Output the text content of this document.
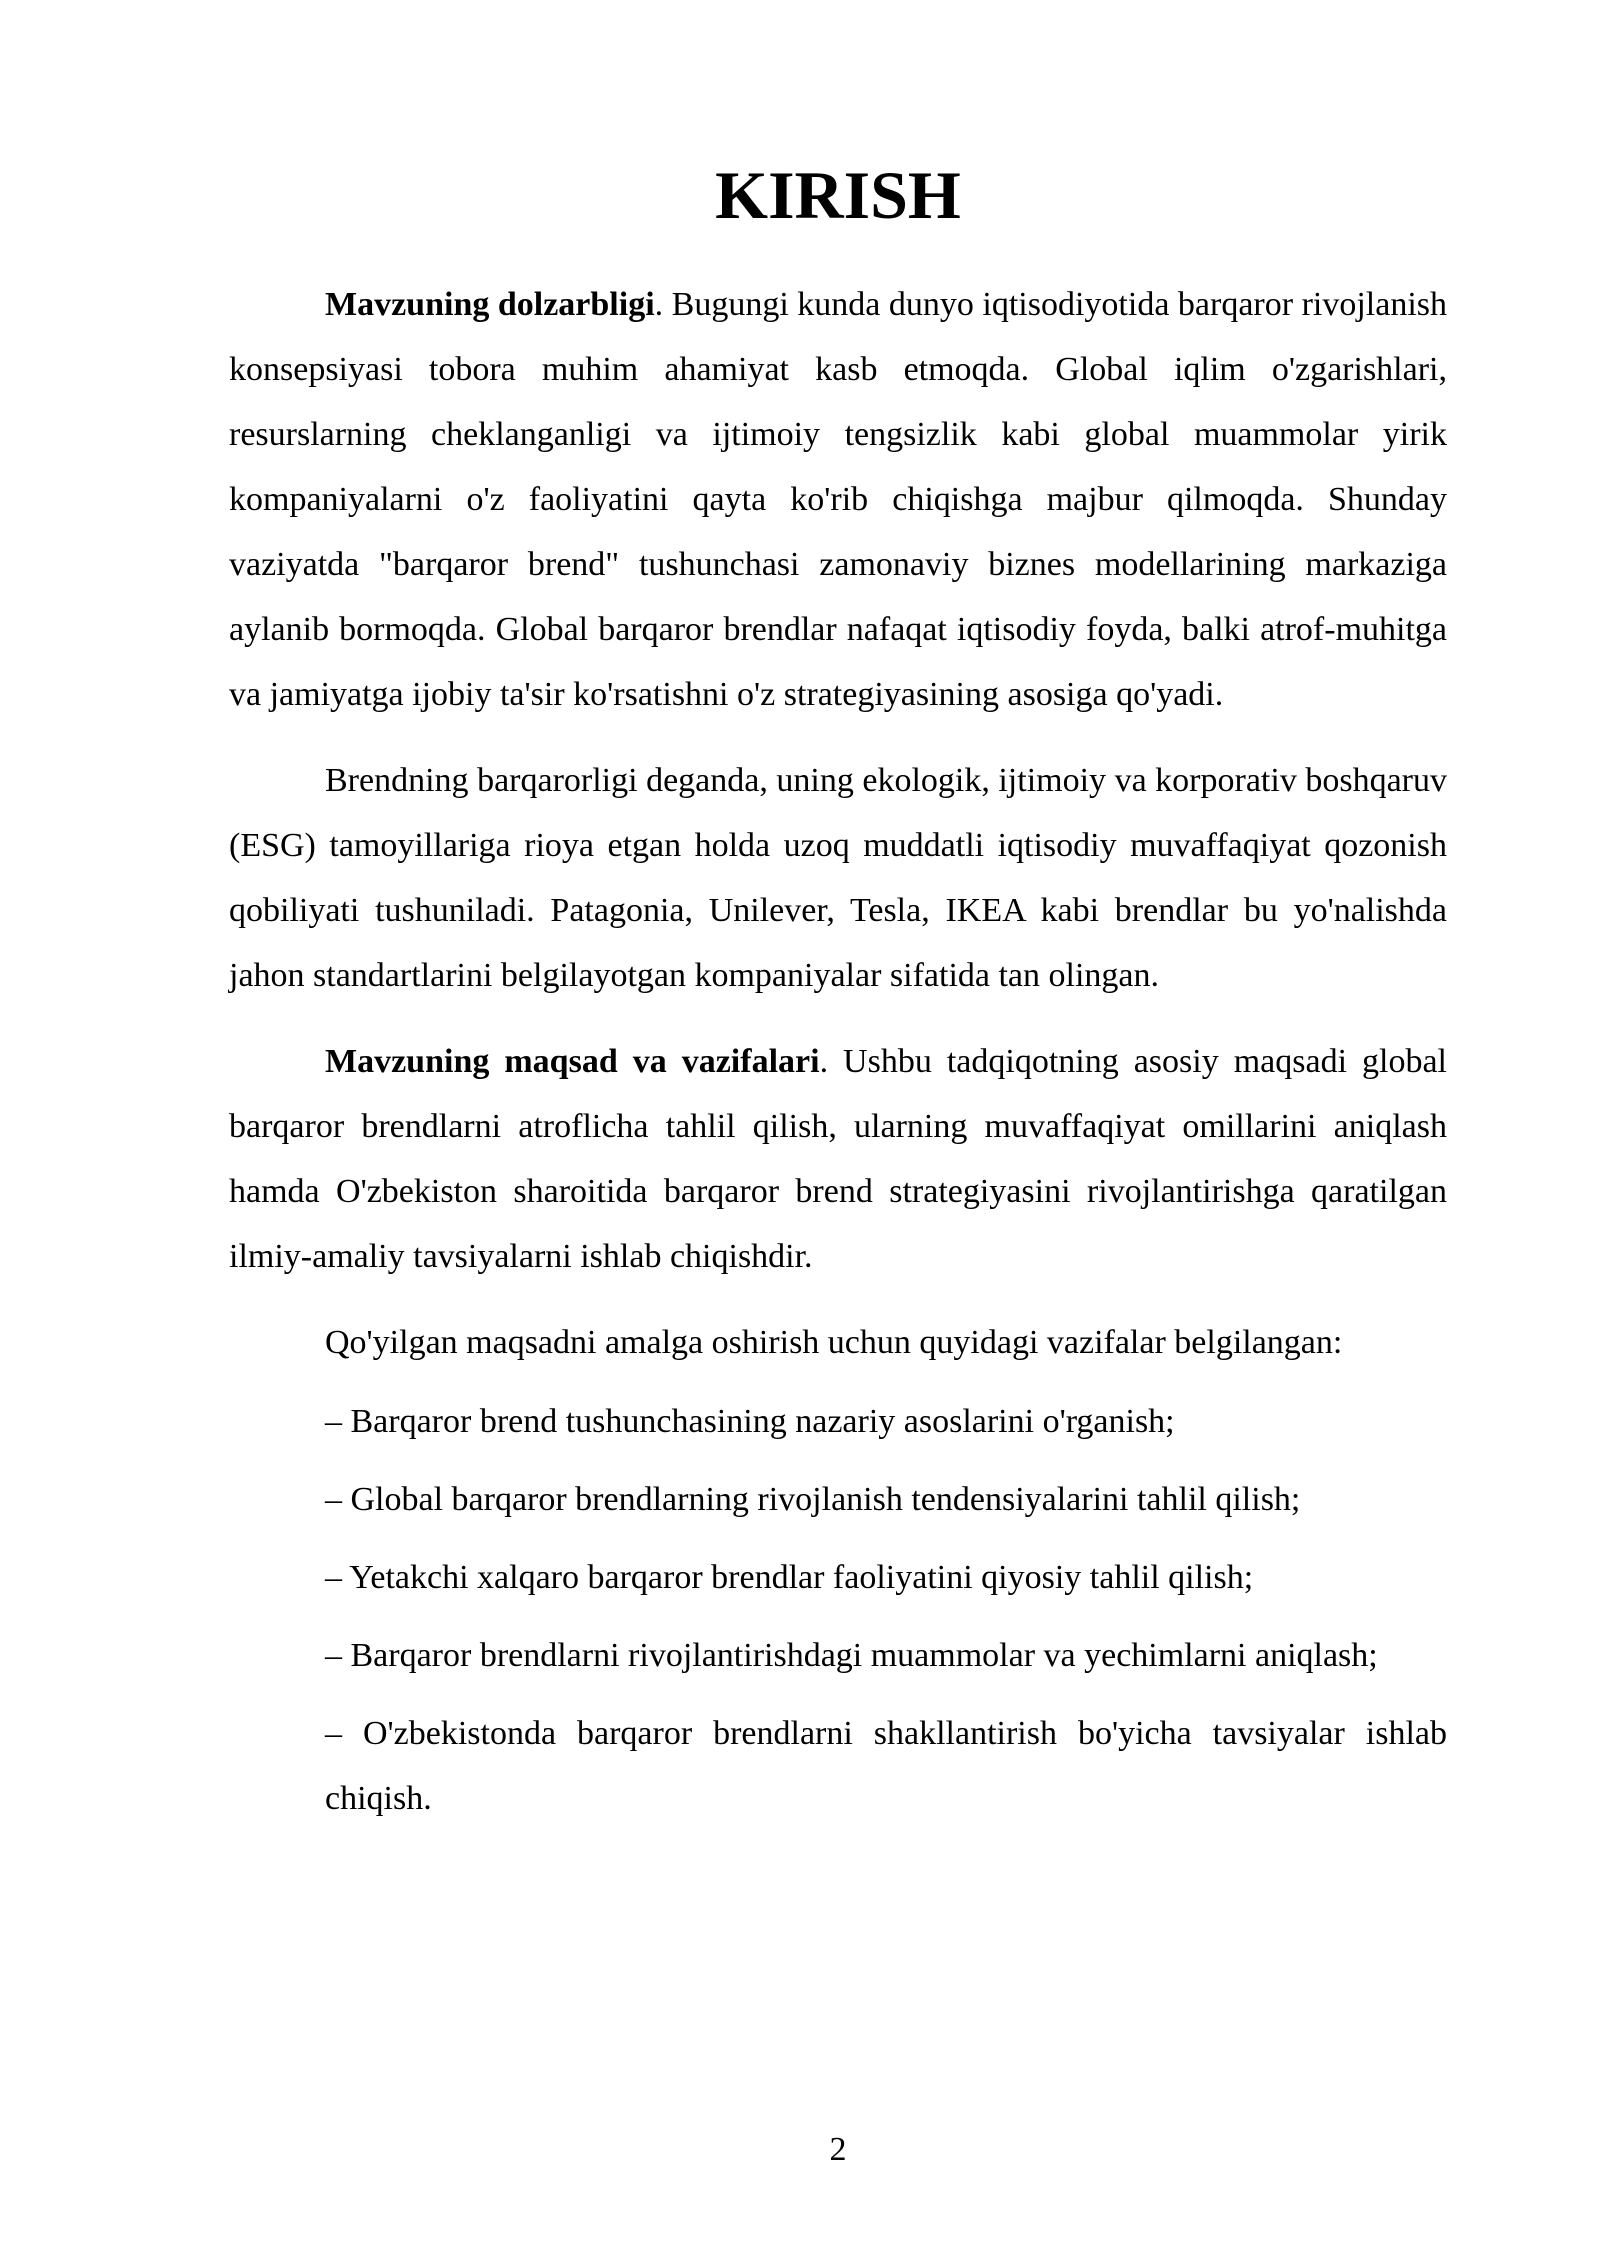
KIRISH

Mavzuning dolzarbligi. Bugungi kunda dunyo iqtisodiyotida barqaror rivojlanish konsepsiyasi tobora muhim ahamiyat kasb etmoqda. Global iqlim o'zgarishlari, resurslarning cheklanganligi va ijtimoiy tengsizlik kabi global muammolar yirik kompaniyalarni o'z faoliyatini qayta ko'rib chiqishga majbur qilmoqda. Shunday vaziyatda "barqaror brend" tushunchasi zamonaviy biznes modellarining markaziga aylanib bormoqda. Global barqaror brendlar nafaqat iqtisodiy foyda, balki atrof-muhitga va jamiyatga ijobiy ta'sir ko'rsatishni o'z strategiyasining asosiga qo'yadi.

Brendning barqarorligi deganda, uning ekologik, ijtimoiy va korporativ boshqaruv (ESG) tamoyillariga rioya etgan holda uzoq muddatli iqtisodiy muvaffaqiyat qozonish qobiliyati tushuniladi. Patagonia, Unilever, Tesla, IKEA kabi brendlar bu yo'nalishda jahon standartlarini belgilayotgan kompaniyalar sifatida tan olingan.

Mavzuning maqsad va vazifalari. Ushbu tadqiqotning asosiy maqsadi global barqaror brendlarni atroflicha tahlil qilish, ularning muvaffaqiyat omillarini aniqlash hamda O'zbekiston sharoitida barqaror brend strategiyasini rivojlantirishga qaratilgan ilmiy-amaliy tavsiyalarni ishlab chiqishdir.

Qo'yilgan maqsadni amalga oshirish uchun quyidagi vazifalar belgilangan:

– Barqaror brend tushunchasining nazariy asoslarini o'rganish;
– Global barqaror brendlarning rivojlanish tendensiyalarini tahlil qilish;
– Yetakchi xalqaro barqaror brendlar faoliyatini qiyosiy tahlil qilish;
– Barqaror brendlarni rivojlantirishdagi muammolar va yechimlarni aniqlash;
– O'zbekistonda barqaror brendlarni shakllantirish bo'yicha tavsiyalar ishlab chiqish.
2
